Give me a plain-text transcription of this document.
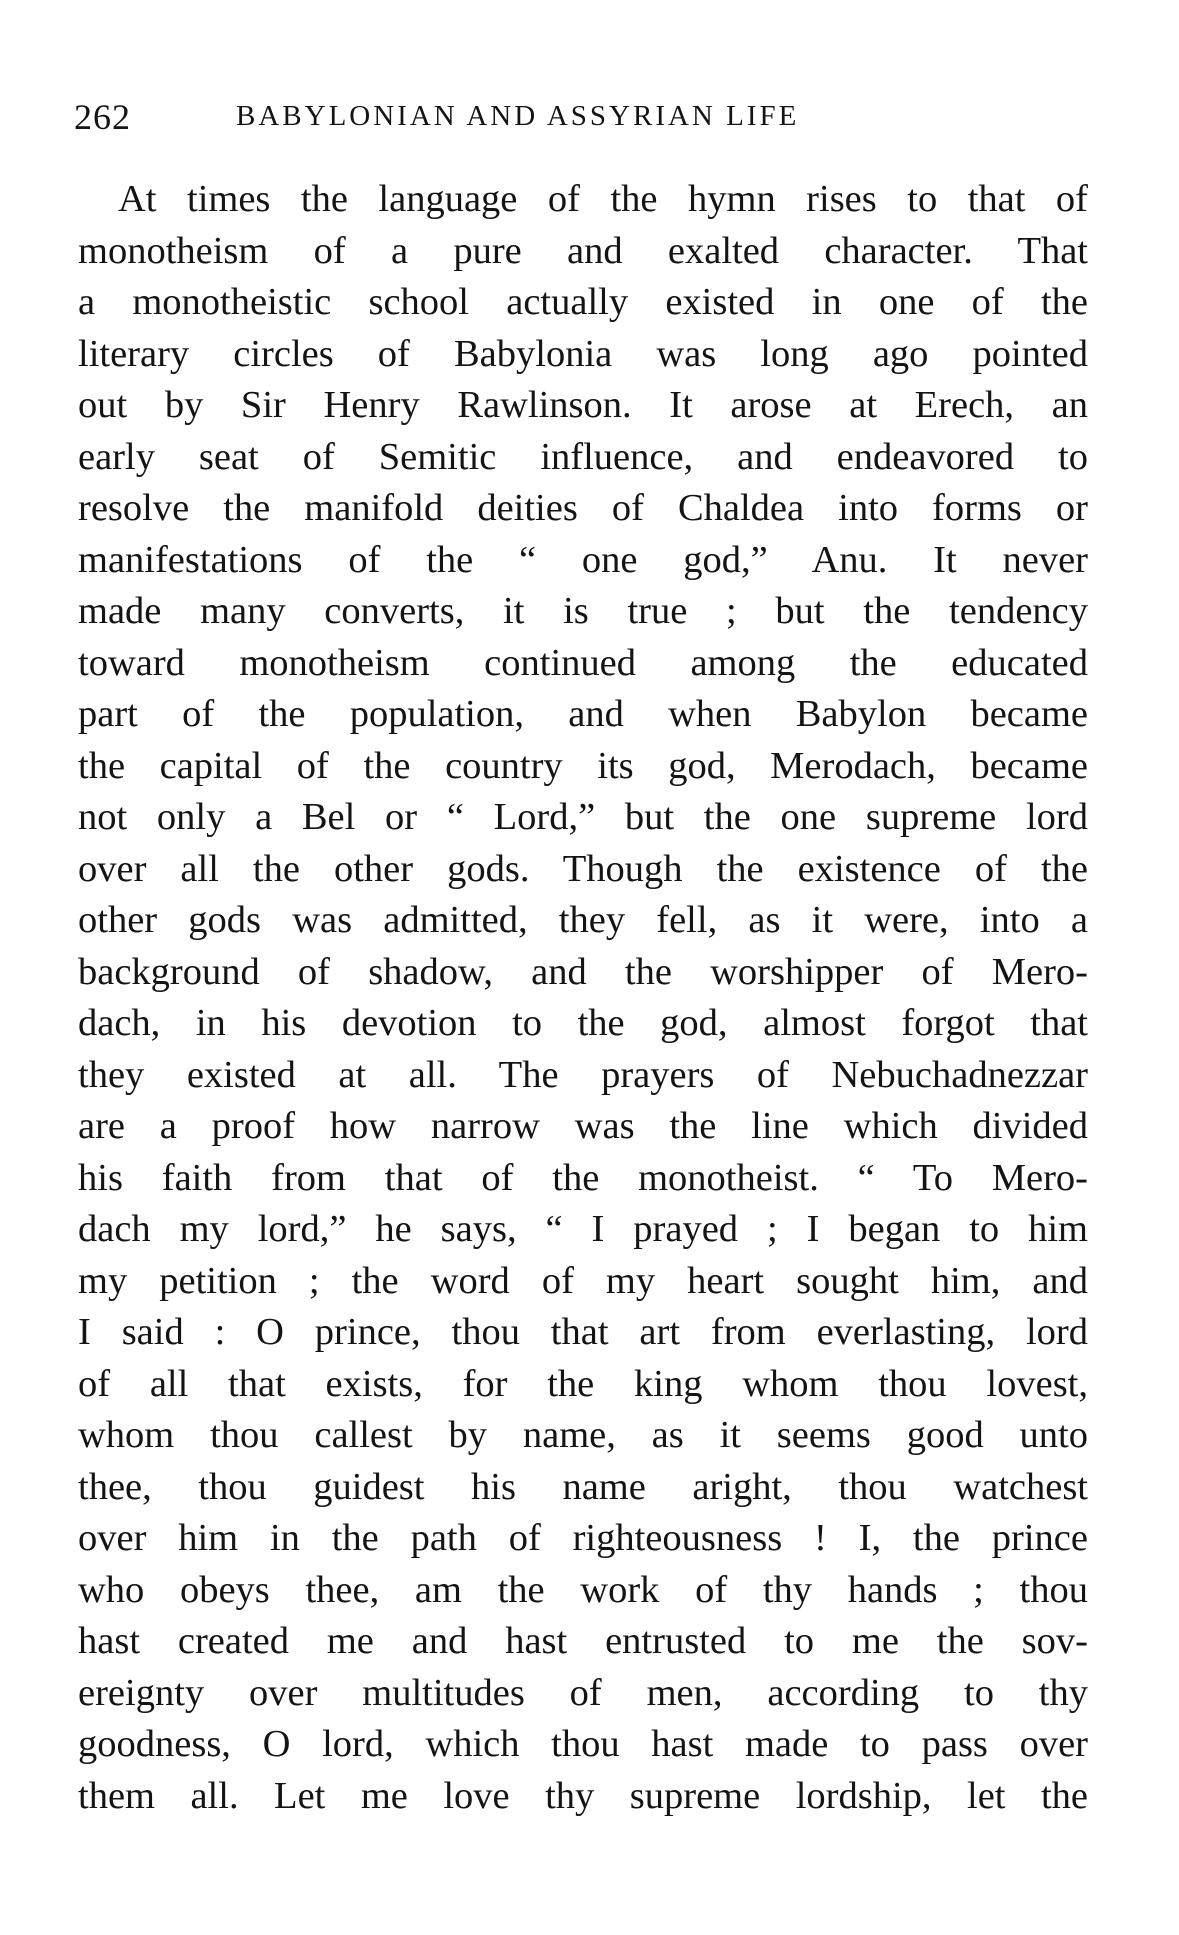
262	BABYLONIAN AND ASSYRIAN LIFE
At times the language of the hymn rises to that of
monotheism of a pure and exalted character. That
a monotheistic school actually existed in one of the
literary circles of Babylonia was long ago pointed
out by Sir Henry Rawlinson. It arose at Erech, an
early seat of Semitic influence, and endeavored to
resolve the manifold deities of Chaldea into forms or
manifestations of the “ one god,” Anu. It never
made many converts, it is true ; but the tendency
toward monotheism continued among the educated
part of the population, and when Babylon became
the capital of the country its god, Merodach, became
not only a Bel or “ Lord,” but the one supreme lord
over all the other gods. Though the existence of the
other gods was admitted, they fell, as it were, into a
background of shadow, and the worshipper of Mero-
dach, in his devotion to the god, almost forgot that
they existed at all. The prayers of Nebuchadnezzar
are a proof how narrow was the line which divided
his faith from that of the monotheist. “ To Mero-
dach my lord,” he says, “ I prayed ; I began to him
my petition ; the word of my heart sought him, and
I said : O prince, thou that art from everlasting, lord
of all that exists, for the king whom thou lovest,
whom thou callest by name, as it seems good unto
thee, thou guidest his name aright, thou watchest
over him in the path of righteousness ! I, the prince
who obeys thee, am the work of thy hands ; thou
hast created me and hast entrusted to me the sov-
ereignty over multitudes of men, according to thy
goodness, O lord, which thou hast made to pass over
them all. Let me love thy supreme lordship, let the
